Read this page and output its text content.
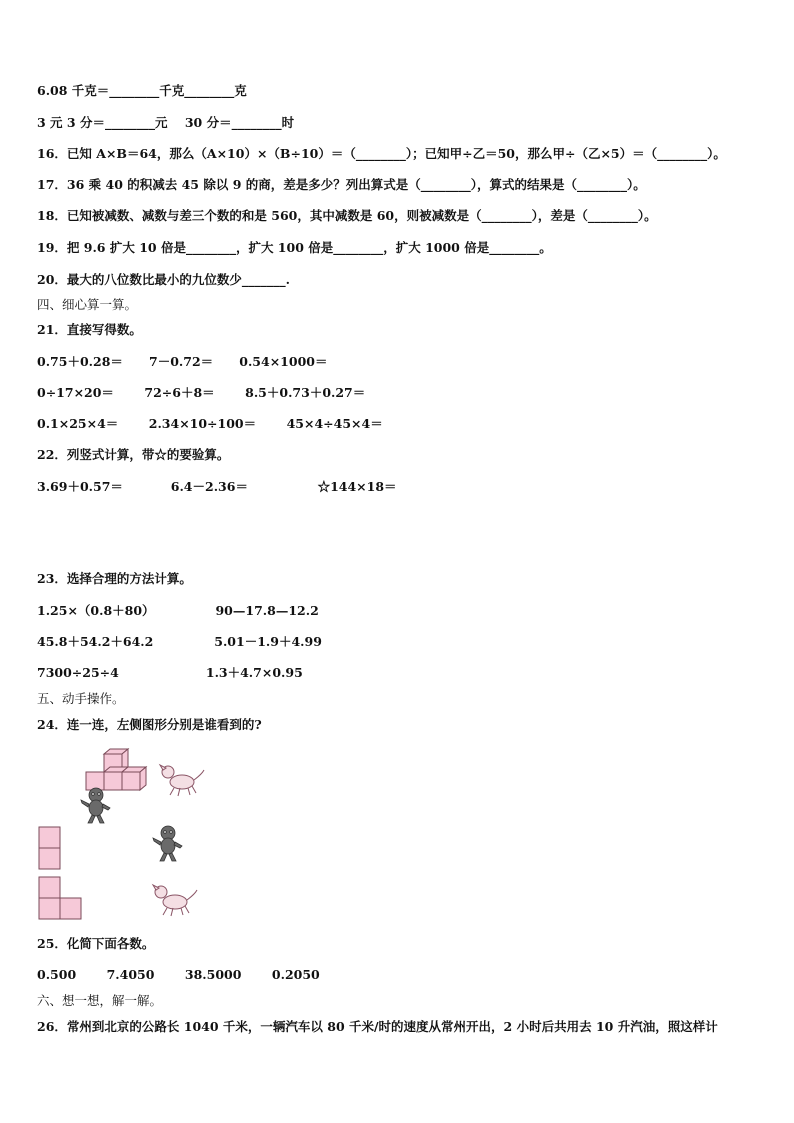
6.08 千克＝________千克________克
3 元 3 分＝________元    30 分＝________时
16．已知 A×B＝64，那么（A×10）×（B÷10）＝（________）；已知甲÷乙＝50，那么甲÷（乙×5）＝（________）。
17．36 乘 40 的积减去 45 除以 9 的商，差是多少？列出算式是（________），算式的结果是（________）。
18．已知被减数、减数与差三个数的和是 560，其中减数是 60，则被减数是（________），差是（________）。
19．把 9.6 扩大 10 倍是________，扩大 100 倍是________，扩大 1000 倍是________。
20．最大的八位数比最小的九位数少_______.
四、细心算一算。
21．直接写得数。
0.75＋0.28＝      7－0.72＝      0.54×1000＝
0÷17×20＝       72÷6＋8＝       8.5＋0.73＋0.27＝
0.1×25×4＝       2.34×10÷100＝       45×4÷45×4＝
22．列竖式计算，带☆的要验算。
3.69＋0.57＝           6.4－2.36＝                ☆144×18＝
23．选择合理的方法计算。
1.25×（0.8＋80）              90—17.8—12.2
45.8＋54.2＋64.2              5.01－1.9＋4.99
7300÷25÷4                    1.3＋4.7×0.95
五、动手操作。
24．连一连，左侧图形分别是谁看到的?
25．化简下面各数。
0.500       7.4050       38.5000       0.2050
六、想一想，解一解。
26．常州到北京的公路长 1040 千米，一辆汽车以 80 千米/时的速度从常州开出，2 小时后共用去 10 升汽油，照这样计
